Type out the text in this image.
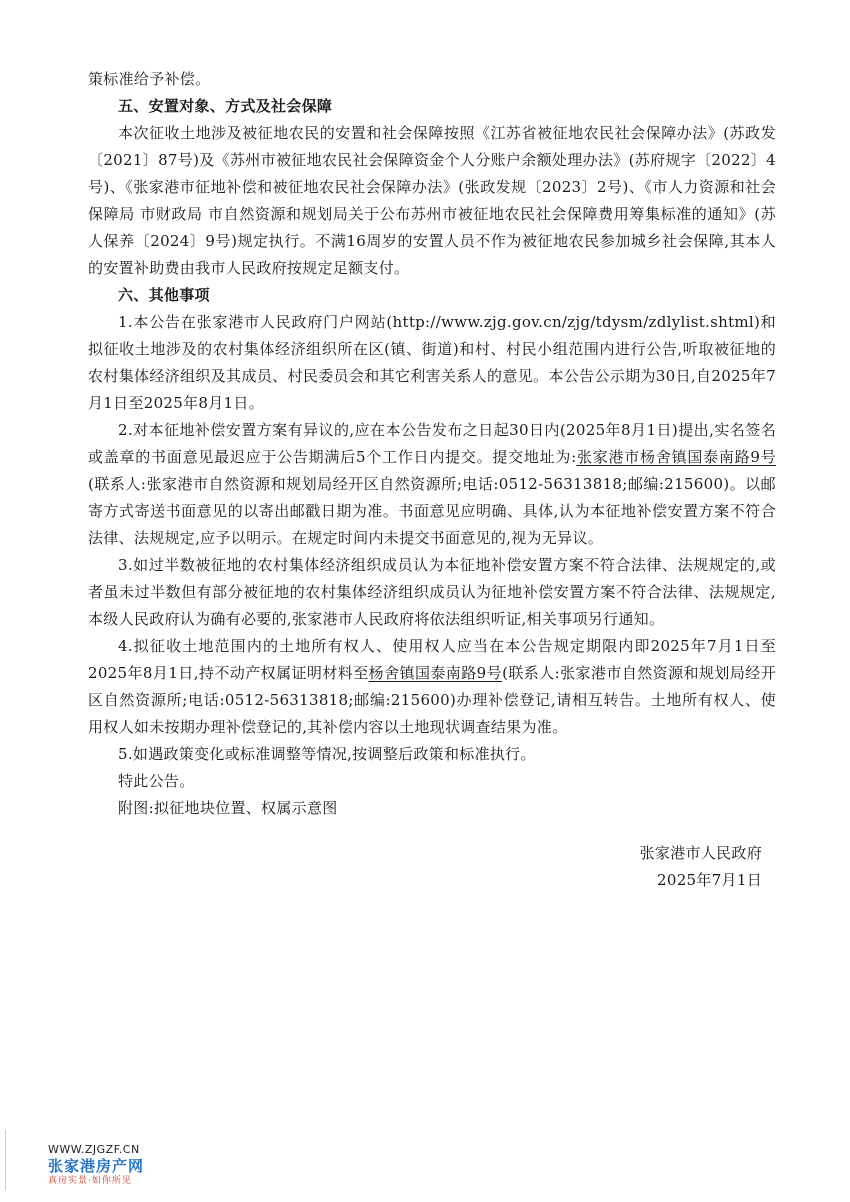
策标准给予补偿。

五、安置对象、方式及社会保障

本次征收土地涉及被征地农民的安置和社会保障按照《江苏省被征地农民社会保障办法》(苏政发〔2021〕87号)及《苏州市被征地农民社会保障资金个人分账户余额处理办法》(苏府规字〔2022〕4号)、《张家港市征地补偿和被征地农民社会保障办法》(张政发规〔2023〕2号)、《市人力资源和社会保障局 市财政局 市自然资源和规划局关于公布苏州市被征地农民社会保障费用筹集标准的通知》(苏人保养〔2024〕9号)规定执行。不满16周岁的安置人员不作为被征地农民参加城乡社会保障,其本人的安置补助费由我市人民政府按规定足额支付。

六、其他事项

1.本公告在张家港市人民政府门户网站(http://www.zjg.gov.cn/zjg/tdysm/zdlylist.shtml)和拟征收土地涉及的农村集体经济组织所在区(镇、街道)和村、村民小组范围内进行公告,听取被征地的农村集体经济组织及其成员、村民委员会和其它利害关系人的意见。本公告公示期为30日,自2025年7月1日至2025年8月1日。

2.对本征地补偿安置方案有异议的,应在本公告发布之日起30日内(2025年8月1日)提出,实名签名或盖章的书面意见最迟应于公告期满后5个工作日内提交。提交地址为:张家港市杨舍镇国泰南路9号(联系人:张家港市自然资源和规划局经开区自然资源所;电话:0512-56313818;邮编:215600)。以邮寄方式寄送书面意见的以寄出邮戳日期为准。书面意见应明确、具体,认为本征地补偿安置方案不符合法律、法规规定,应予以明示。在规定时间内未提交书面意见的,视为无异议。

3.如过半数被征地的农村集体经济组织成员认为本征地补偿安置方案不符合法律、法规规定的,或者虽未过半数但有部分被征地的农村集体经济组织成员认为征地补偿安置方案不符合法律、法规规定,本级人民政府认为确有必要的,张家港市人民政府将依法组织听证,相关事项另行通知。

4.拟征收土地范围内的土地所有权人、使用权人应当在本公告规定期限内即2025年7月1日至2025年8月1日,持不动产权属证明材料至杨舍镇国泰南路9号(联系人:张家港市自然资源和规划局经开区自然资源所;电话:0512-56313818;邮编:215600)办理补偿登记,请相互转告。土地所有权人、使用权人如未按期办理补偿登记的,其补偿内容以土地现状调查结果为准。

5.如遇政策变化或标准调整等情况,按调整后政策和标准执行。

特此公告。

附图:拟征地块位置、权属示意图

张家港市人民政府

2025年7月1日

WWW.ZJGZF.CN
张家港房产网
真房实景·如你所见
